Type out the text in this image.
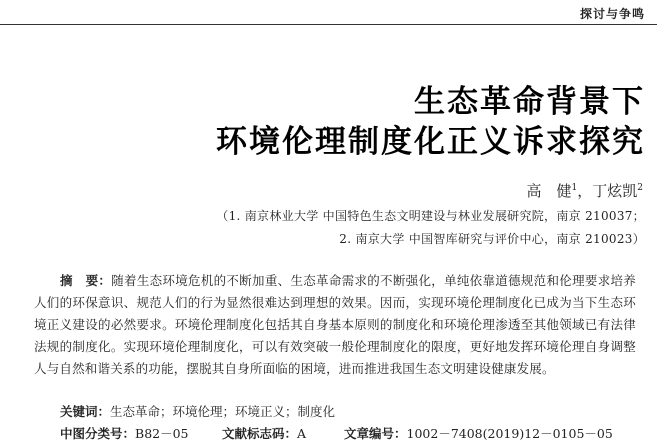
探讨与争鸣
生态革命背景下
环境伦理制度化正义诉求探究
高　健$^1$，丁炫凯$^2$
（1. 南京林业大学 中国特色生态文明建设与林业发展研究院，南京 210037；
2. 南京大学 中国智库研究与评价中心，南京 210023）
摘　要：随着生态环境危机的不断加重、生态革命需求的不断强化，单纯依靠道德规范和伦理要求培养人们的环保意识、规范人们的行为显然很难达到理想的效果。因而，实现环境伦理制度化已成为当下生态环境正义建设的必然要求。环境伦理制度化包括其自身基本原则的制度化和环境伦理渗透至其他领域已有法律法规的制度化。实现环境伦理制度化，可以有效突破一般伦理制度化的限度，更好地发挥环境伦理自身调整人与自然和谐关系的功能，摆脱其自身所面临的困境，进而推进我国生态文明建设健康发展。
关键词：生态革命；环境伦理；环境正义；制度化
中图分类号：B82－05	文献标志码：A	文章编号：1002－7408(2019)12－0105－05
